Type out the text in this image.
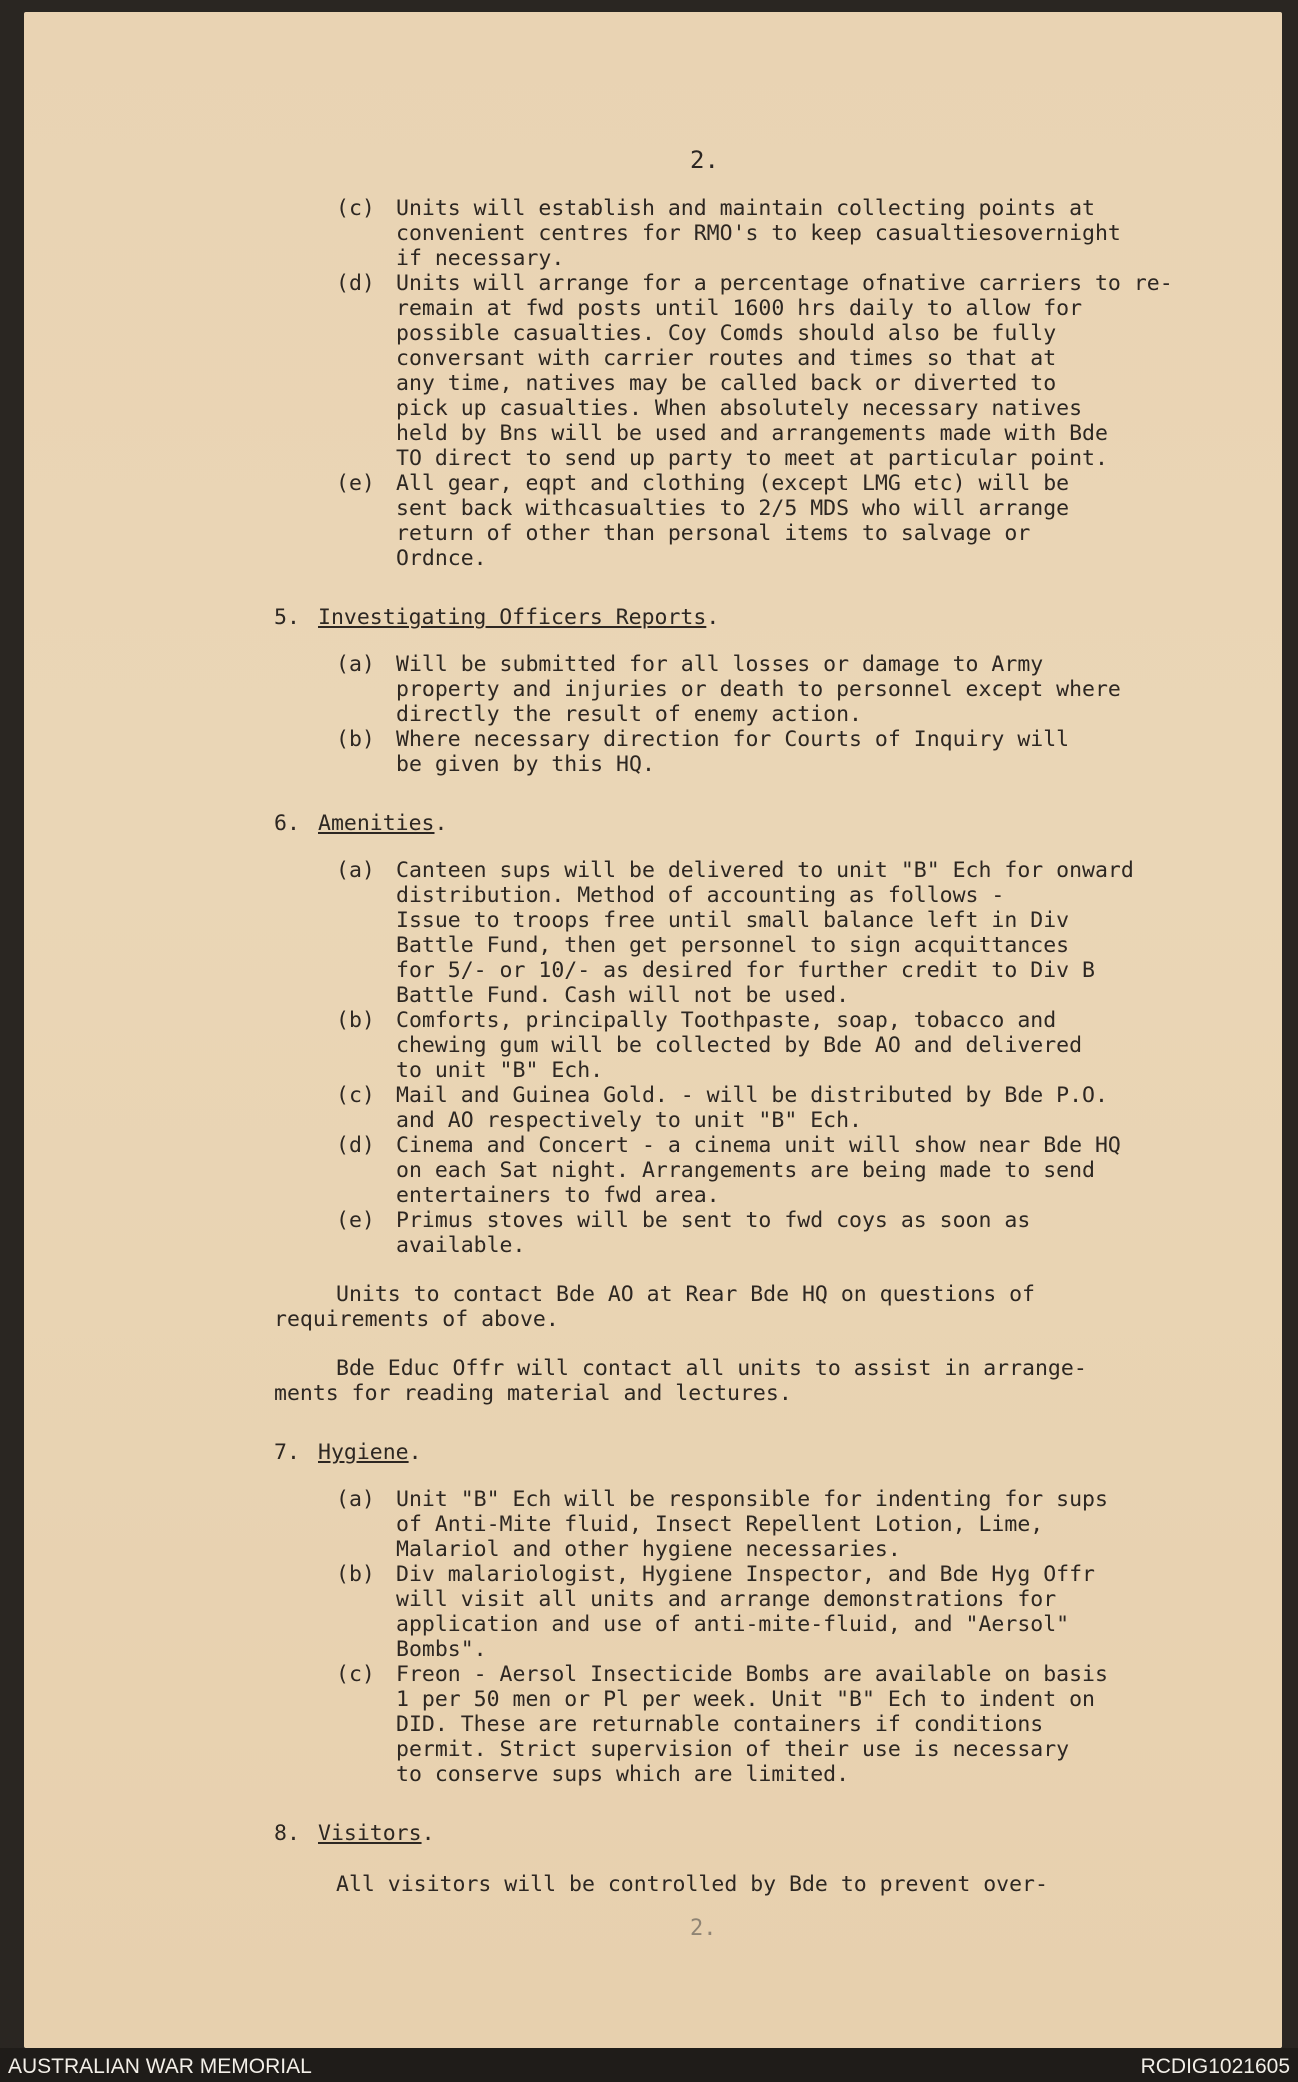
2.
(c) Units will establish and maintain collecting points at
convenient centres for RMO's to keep casualtiesovernight
if necessary.
(d) Units will arrange for a percentage ofnative carriers to re-
remain at fwd posts until 1600 hrs daily to allow for
possible casualties. Coy Comds should also be fully
conversant with carrier routes and times so that at
any time, natives may be called back or diverted to
pick up casualties. When absolutely necessary natives
held by Bns will be used and arrangements made with Bde
TO direct to send up party to meet at particular point.
(e) All gear, eqpt and clothing (except LMG etc) will be
sent back withcasualties to 2/5 MDS who will arrange
return of other than personal items to salvage or
Ordnce.
5. Investigating Officers Reports.
(a) Will be submitted for all losses or damage to Army
property and injuries or death to personnel except where
directly the result of enemy action.
(b) Where necessary direction for Courts of Inquiry will
be given by this HQ.
6. Amenities.
(a) Canteen sups will be delivered to unit "B" Ech for onward
distribution. Method of accounting as follows -
Issue to troops free until small balance left in Div
Battle Fund, then get personnel to sign acquittances
for 5/- or 10/- as desired for further credit to Div B
Battle Fund. Cash will not be used.
(b) Comforts, principally Toothpaste, soap, tobacco and
chewing gum will be collected by Bde AO and delivered
to unit "B" Ech.
(c) Mail and Guinea Gold. - will be distributed by Bde P.O.
and AO respectively to unit "B" Ech.
(d) Cinema and Concert - a cinema unit will show near Bde HQ
on each Sat night. Arrangements are being made to send
entertainers to fwd area.
(e) Primus stoves will be sent to fwd coys as soon as
available.
Units to contact Bde AO at Rear Bde HQ on questions of
requirements of above.
Bde Educ Offr will contact all units to assist in arrange-
ments for reading material and lectures.
7. Hygiene.
(a) Unit "B" Ech will be responsible for indenting for sups
of Anti-Mite fluid, Insect Repellent Lotion, Lime,
Malariol and other hygiene necessaries.
(b) Div malariologist, Hygiene Inspector, and Bde Hyg Offr
will visit all units and arrange demonstrations for
application and use of anti-mite-fluid, and "Aersol"
Bombs".
(c) Freon - Aersol Insecticide Bombs are available on basis
1 per 50 men or Pl per week. Unit "B" Ech to indent on
DID. These are returnable containers if conditions
permit. Strict supervision of their use is necessary
to conserve sups which are limited.
8. Visitors.
All visitors will be controlled by Bde to prevent over-
2.
AUSTRALIAN WAR MEMORIAL	RCDIG1021605
